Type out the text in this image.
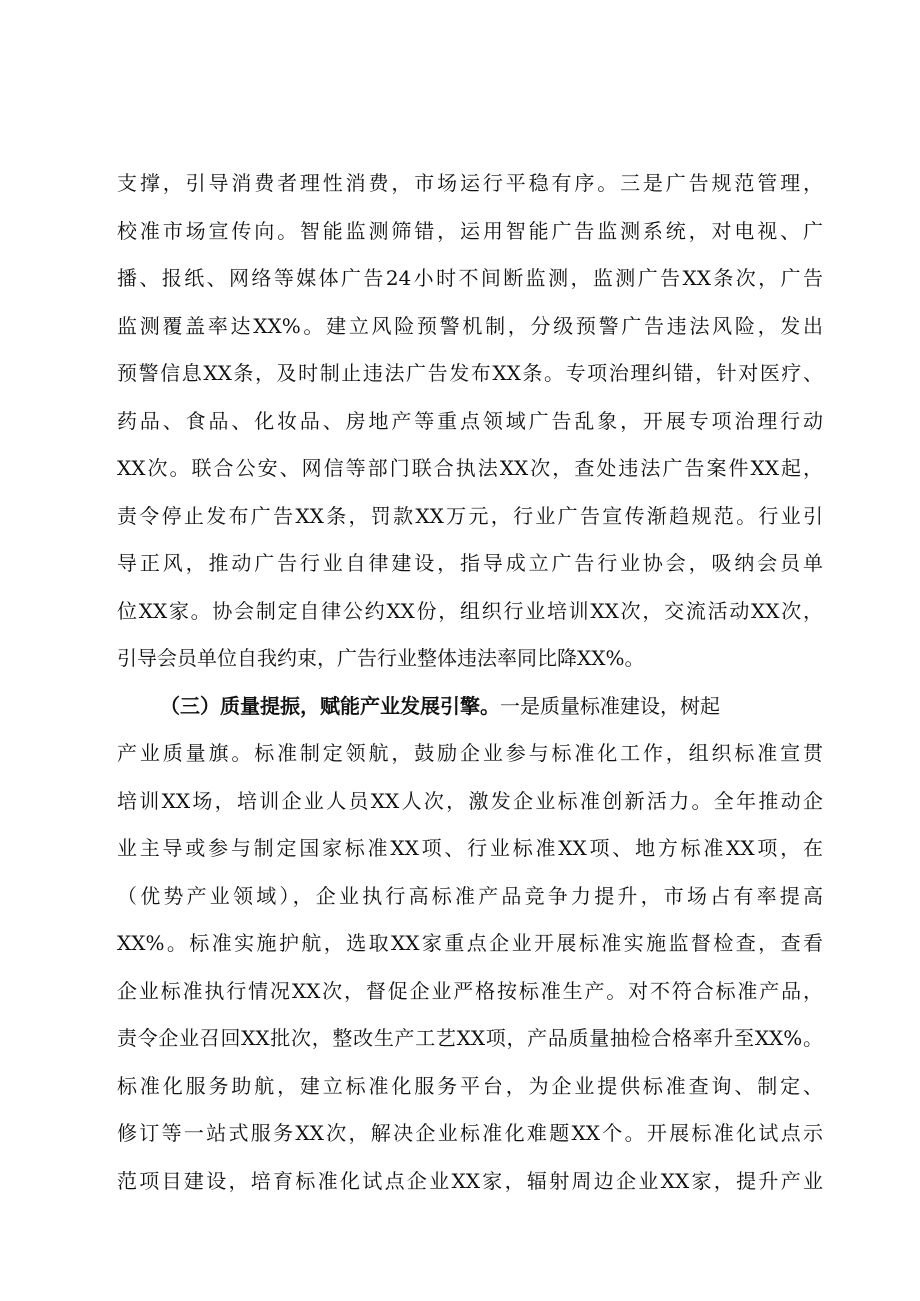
支撑，引导消费者理性消费，市场运行平稳有序。三是广告规范管理，
校准市场宣传向。智能监测筛错，运用智能广告监测系统，对电视、广
播、报纸、网络等媒体广告24小时不间断监测，监测广告XX条次，广告
监测覆盖率达XX%。建立风险预警机制，分级预警广告违法风险，发出
预警信息XX条，及时制止违法广告发布XX条。专项治理纠错，针对医疗、
药品、食品、化妆品、房地产等重点领域广告乱象，开展专项治理行动
XX次。联合公安、网信等部门联合执法XX次，查处违法广告案件XX起，
责令停止发布广告XX条，罚款XX万元，行业广告宣传渐趋规范。行业引
导正风，推动广告行业自律建设，指导成立广告行业协会，吸纳会员单
位XX家。协会制定自律公约XX份，组织行业培训XX次，交流活动XX次，
引导会员单位自我约束，广告行业整体违法率同比降XX%。
（三）质量提振，赋能产业发展引擎。一是质量标准建设，树起
产业质量旗。标准制定领航，鼓励企业参与标准化工作，组织标准宣贯
培训XX场，培训企业人员XX人次，激发企业标准创新活力。全年推动企
业主导或参与制定国家标准XX项、行业标准XX项、地方标准XX项，在
（优势产业领域），企业执行高标准产品竞争力提升，市场占有率提高
XX%。标准实施护航，选取XX家重点企业开展标准实施监督检查，查看
企业标准执行情况XX次，督促企业严格按标准生产。对不符合标准产品，
责令企业召回XX批次，整改生产工艺XX项，产品质量抽检合格率升至XX%。
标准化服务助航，建立标准化服务平台，为企业提供标准查询、制定、
修订等一站式服务XX次，解决企业标准化难题XX个。开展标准化试点示
范项目建设，培育标准化试点企业XX家，辐射周边企业XX家，提升产业
